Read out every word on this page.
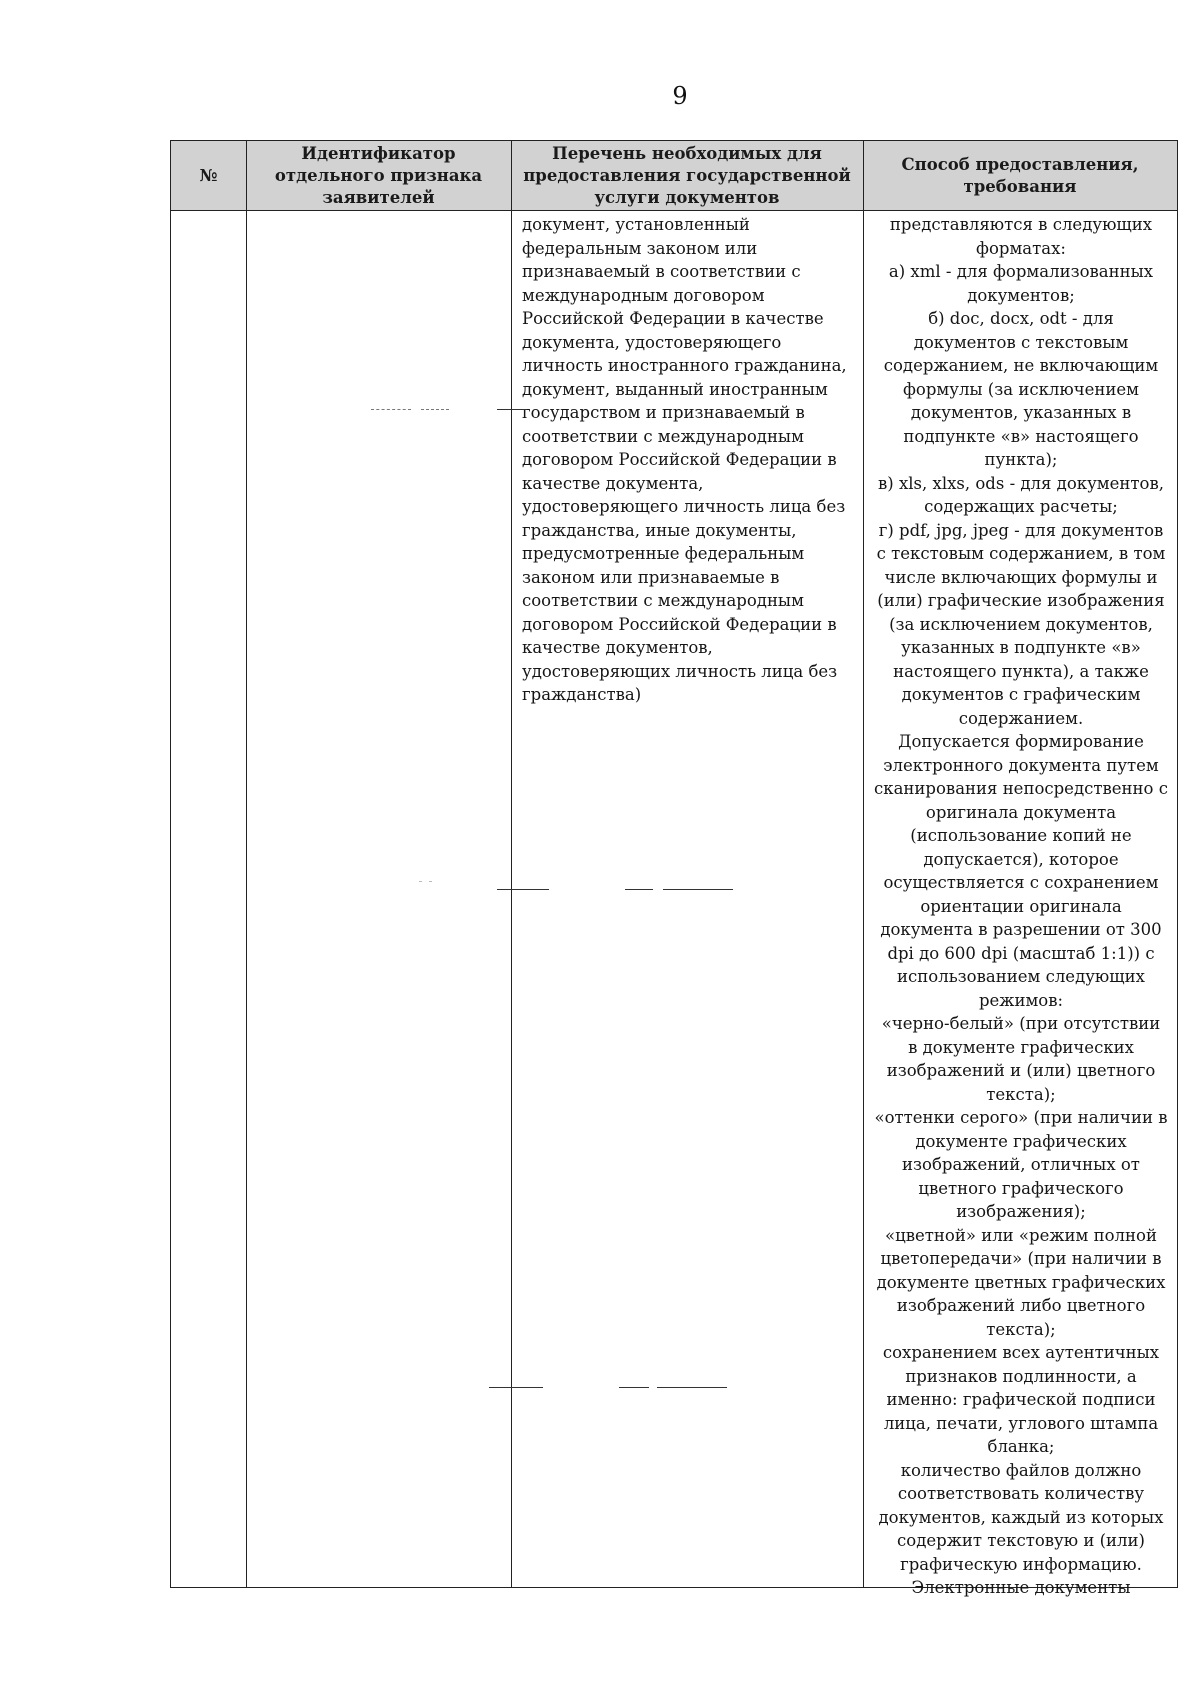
9
№
Идентификатор
отдельного признака
заявителей
Перечень необходимых для
предоставления государственной
услуги документов
Способ предоставления,
требования
документ, установленный
федеральным законом или
признаваемый в соответствии с
международным договором
Российской Федерации в качестве
документа, удостоверяющего
личность иностранного гражданина,
документ, выданный иностранным
государством и признаваемый в
соответствии с международным
договором Российской Федерации в
качестве документа,
удостоверяющего личность лица без
гражданства, иные документы,
предусмотренные федеральным
законом или признаваемые в
соответствии с международным
договором Российской Федерации в
качестве документов,
удостоверяющих личность лица без
гражданства)
представляются в следующих
форматах:
а) xml - для формализованных
документов;
б) doc, docx, odt - для
документов с текстовым
содержанием, не включающим
формулы (за исключением
документов, указанных в
подпункте «в» настоящего
пункта);
в) xls, xlxs, ods - для документов,
содержащих расчеты;
г) pdf, jpg, jpeg - для документов
с текстовым содержанием, в том
числе включающих формулы и
(или) графические изображения
(за исключением документов,
указанных в подпункте «в»
настоящего пункта), а также
документов с графическим
содержанием.
Допускается формирование
электронного документа путем
сканирования непосредственно с
оригинала документа
(использование копий не
допускается), которое
осуществляется с сохранением
ориентации оригинала
документа в разрешении от 300
dpi до 600 dpi (масштаб 1:1)) с
использованием следующих
режимов:
«черно-белый» (при отсутствии
в документе графических
изображений и (или) цветного
текста);
«оттенки серого» (при наличии в
документе графических
изображений, отличных от
цветного графического
изображения);
«цветной» или «режим полной
цветопередачи» (при наличии в
документе цветных графических
изображений либо цветного
текста);
сохранением всех аутентичных
признаков подлинности, а
именно: графической подписи
лица, печати, углового штампа
бланка;
количество файлов должно
соответствовать количеству
документов, каждый из которых
содержит текстовую и (или)
графическую информацию.
Электронные документы
